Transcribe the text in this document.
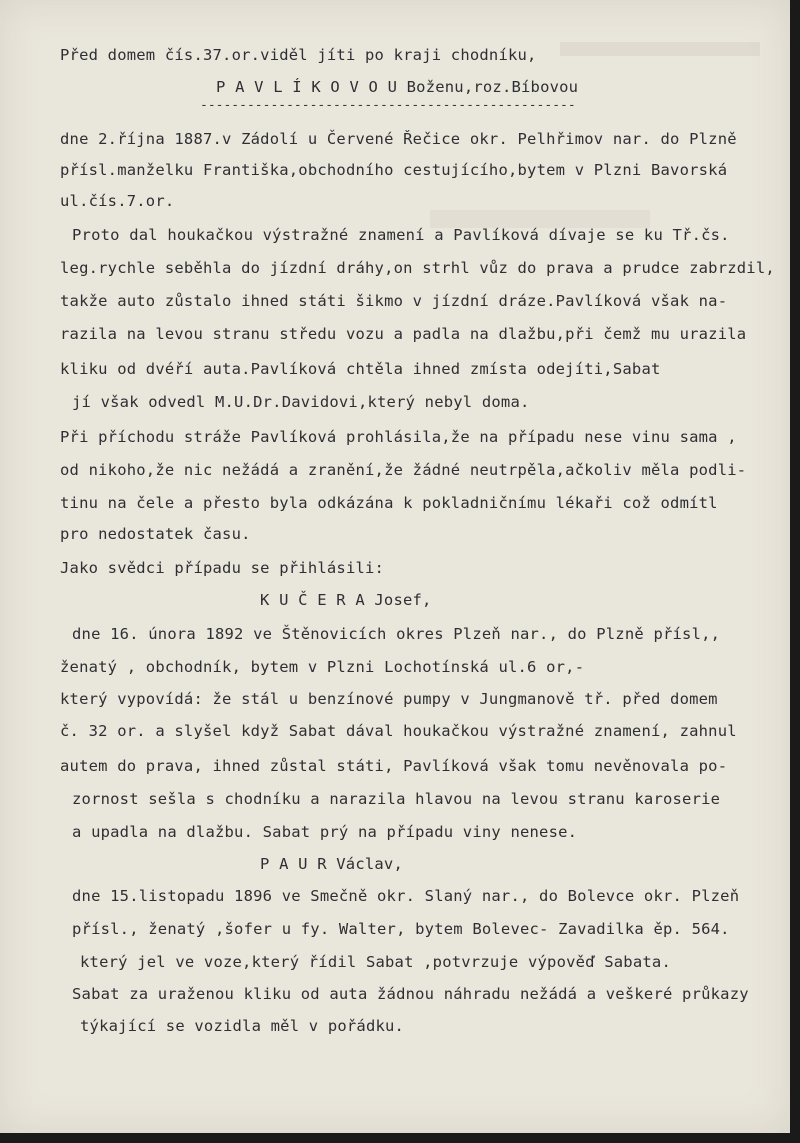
Před domem čís.37.or.viděl jíti po kraji chodníku,
P A V L Í K O V O U Boženu,roz.Bíbovou
------------------------------------------------
dne 2.října 1887.v Zádolí u Červené Řečice okr. Pelhřimov nar. do Plzně
přísl.manželku Františka,obchodního cestujícího,bytem v Plzni Bavorská
ul.čís.7.or.
Proto dal houkačkou výstražné znamení a Pavlíková dívaje se ku Tř.čs.
leg.rychle seběhla do jízdní dráhy,on strhl vůz do prava a prudce zabrzdil,
takže auto zůstalo ihned státi šikmo v jízdní dráze.Pavlíková však na-
razila na levou stranu středu vozu a padla na dlažbu,při čemž mu urazila
kliku od dvéří auta.Pavlíková chtěla ihned zmísta odejíti,Sabat
jí však odvedl M.U.Dr.Davidovi,který nebyl doma.
Při příchodu stráže Pavlíková prohlásila,že na případu nese vinu sama ,
od nikoho,že nic nežádá a zranění,že žádné neutrpěla,ačkoliv měla podli-
tinu na čele a přesto byla odkázána k pokladničnímu lékaři což odmítl
pro nedostatek času.
Jako svědci případu se přihlásili:
K U Č E R A Josef,
dne 16. února 1892 ve Štěnovicích okres Plzeň nar., do Plzně přísl,,
ženatý , obchodník, bytem v Plzni Lochotínská ul.6 or,-
který vypovídá: že stál u benzínové pumpy v Jungmanově tř. před domem
č. 32 or. a slyšel když Sabat dával houkačkou výstražné znamení, zahnul
autem do prava, ihned zůstal státi, Pavlíková však tomu nevěnovala po-
zornost sešla s chodníku a narazila hlavou na levou stranu karoserie
a upadla na dlažbu. Sabat prý na případu viny nenese.
P A U R Václav,
dne 15.listopadu 1896 ve Smečně okr. Slaný nar., do Bolevce okr. Plzeň
přísl., ženatý ,šofer u fy. Walter, bytem Bolevec- Zavadilka ěp. 564.
který jel ve voze,který řídil Sabat ,potvrzuje výpověď Sabata.
Sabat za uraženou kliku od auta žádnou náhradu nežádá a veškeré průkazy
týkající se vozidla měl v pořádku.
